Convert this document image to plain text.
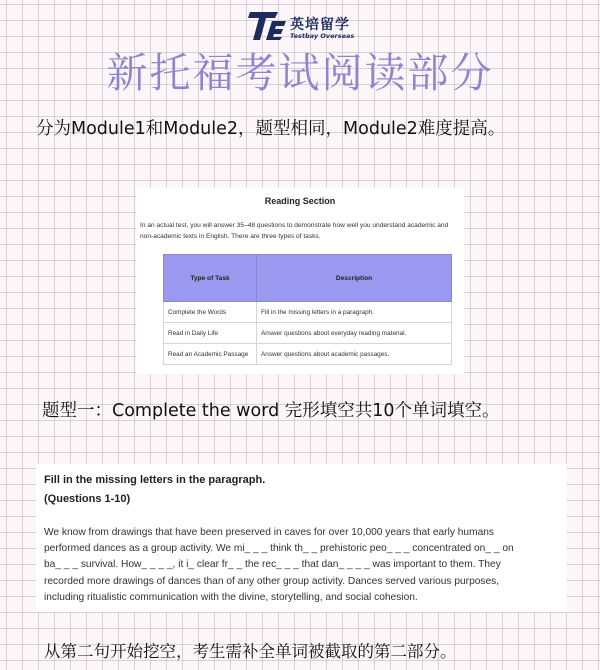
英培留学
Testbay Overseas
新托福考试阅读部分
分为Module1和Module2，题型相同，Module2难度提高。
Reading Section
In an actual test, you will answer 35–48 questions to demonstrate how well you understand academic and non-academic texts in English. There are three types of tasks.
Type of Task	Description
Complete the Words	Fill in the missing letters in a paragraph.
Read in Daily Life	Answer questions about everyday reading material.
Read an Academic Passage	Answer questions about academic passages.
题型一：Complete the word 完形填空共10个单词填空。
Fill in the missing letters in the paragraph.
(Questions 1-10)
We know from drawings that have been preserved in caves for over 10,000 years that early humans
performed dances as a group activity. We mi_ _ _ think th_ _ prehistoric peo_ _ _ concentrated on_ _ on
ba_ _ _ survival. How_ _ _ _, it i_ clear fr_ _ the rec_ _ _ that dan_ _ _ _ was important to them. They
recorded more drawings of dances than of any other group activity. Dances served various purposes,
including ritualistic communication with the divine, storytelling, and social cohesion.
从第二句开始挖空，考生需补全单词被截取的第二部分。
